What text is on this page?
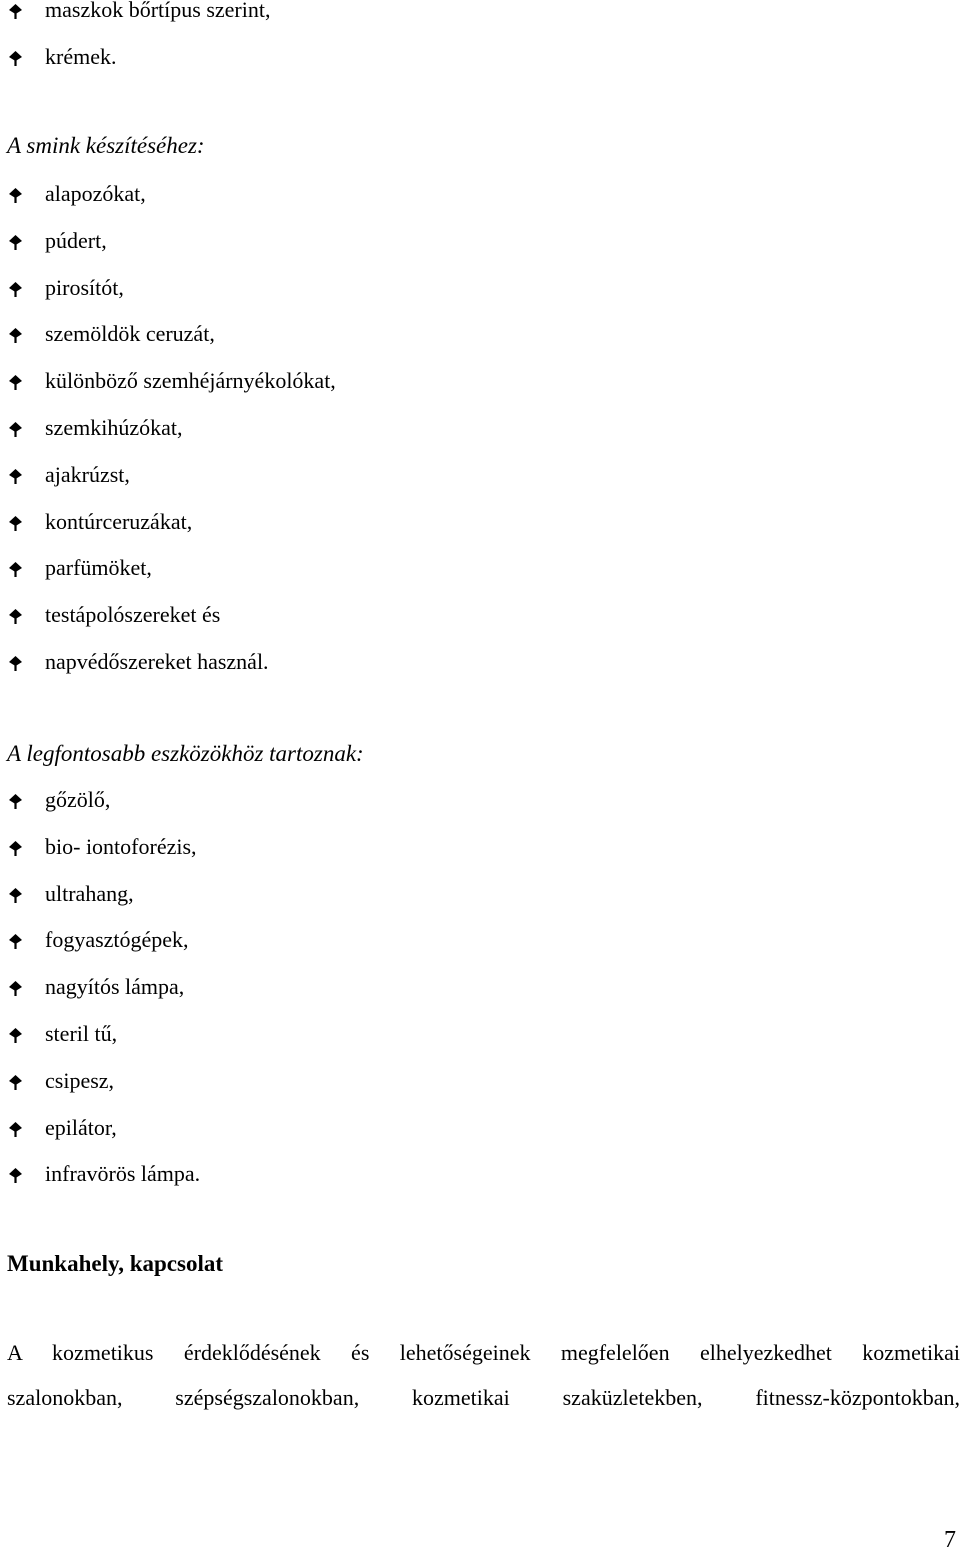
maszkok bőrtípus szerint,
krémek.
A smink készítéséhez:
alapozókat,
púdert,
pirosítót,
szemöldök ceruzát,
különböző szemhéjárnyékolókat,
szemkihúzókat,
ajakrúzst,
kontúrceruzákat,
parfümöket,
testápolószereket és
napvédőszereket használ.
A legfontosabb eszközökhöz tartoznak:
gőzölő,
bio- iontoforézis,
ultrahang,
fogyasztógépek,
nagyítós lámpa,
steril tű,
csipesz,
epilátor,
infravörös lámpa.
Munkahely, kapcsolat
A kozmetikus érdeklődésének és lehetőségeinek megfelelően elhelyezkedhet kozmetikai
szalonokban, szépségszalonokban, kozmetikai szaküzletekben, fitnessz-központokban,
7
